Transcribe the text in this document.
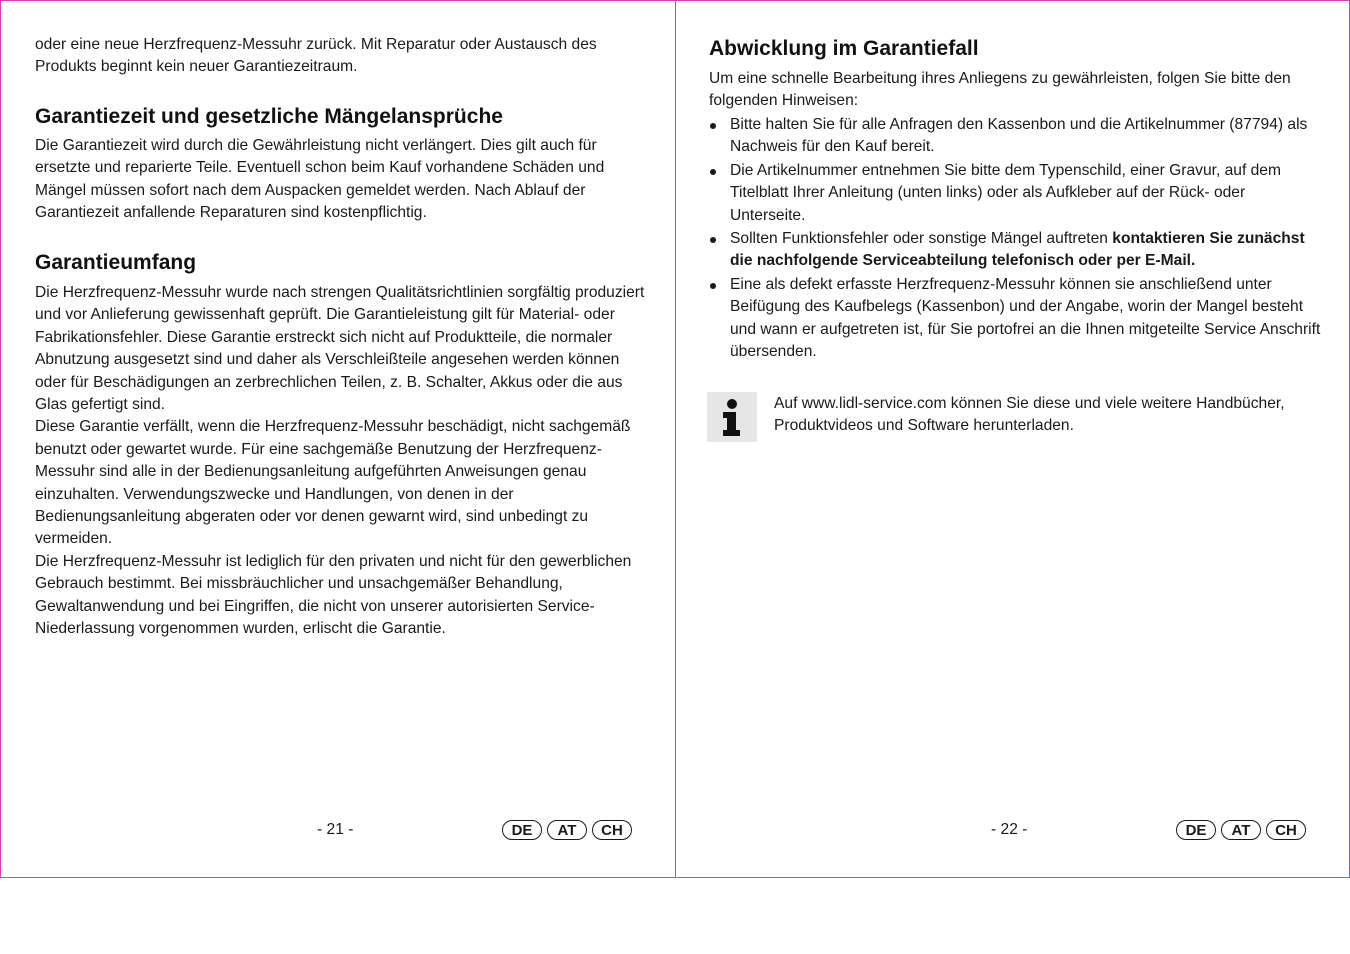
oder eine neue Herzfrequenz-Messuhr zurück. Mit Reparatur oder Austausch des Produkts beginnt kein neuer Garantiezeitraum.

Garantiezeit und gesetzliche Mängelansprüche

Die Garantiezeit wird durch die Gewährleistung nicht verlängert. Dies gilt auch für ersetzte und reparierte Teile. Eventuell schon beim Kauf vorhandene Schäden und Mängel müssen sofort nach dem Auspacken gemeldet werden. Nach Ablauf der Garantiezeit anfallende Reparaturen sind kostenpflichtig.

Garantieumfang

Die Herzfrequenz-Messuhr wurde nach strengen Qualitätsrichtlinien sorgfältig produziert und vor Anlieferung gewissenhaft geprüft. Die Garantieleistung gilt für Material- oder Fabrikationsfehler. Diese Garantie erstreckt sich nicht auf Produktteile, die normaler Abnutzung ausgesetzt sind und daher als Verschleißteile angesehen werden können oder für Beschädigungen an zerbrechlichen Teilen, z. B. Schalter, Akkus oder die aus Glas gefertigt sind.

Diese Garantie verfällt, wenn die Herzfrequenz-Messuhr beschädigt, nicht sachgemäß benutzt oder gewartet wurde. Für eine sachgemäße Benutzung der Herzfrequenz-Messuhr sind alle in der Bedienungsanleitung aufgeführten Anweisungen genau einzuhalten. Verwendungszwecke und Handlungen, von denen in der Bedienungsanleitung abgeraten oder vor denen gewarnt wird, sind unbedingt zu vermeiden.

Die Herzfrequenz-Messuhr ist lediglich für den privaten und nicht für den gewerblichen Gebrauch bestimmt. Bei missbräuchlicher und unsachgemäßer Behandlung, Gewaltanwendung und bei Eingriffen, die nicht von unserer autorisierten Service-Niederlassung vorgenommen wurden, erlischt die Garantie.

- 21 -	DE	AT	CH
Abwicklung im Garantiefall

Um eine schnelle Bearbeitung ihres Anliegens zu gewährleisten, folgen Sie bitte den folgenden Hinweisen:

Bitte halten Sie für alle Anfragen den Kassenbon und die Artikelnummer (87794) als Nachweis für den Kauf bereit.
Die Artikelnummer entnehmen Sie bitte dem Typenschild, einer Gravur, auf dem Titelblatt Ihrer Anleitung (unten links) oder als Aufkleber auf der Rück- oder Unterseite.
Sollten Funktionsfehler oder sonstige Mängel auftreten kontaktieren Sie zunächst die nachfolgende Serviceabteilung telefonisch oder per E-Mail.
Eine als defekt erfasste Herzfrequenz-Messuhr können sie anschließend unter Beifügung des Kaufbelegs (Kassenbon) und der Angabe, worin der Mangel besteht und wann er aufgetreten ist, für Sie portofrei an die Ihnen mitgeteilte Service Anschrift übersenden.

Auf www.lidl-service.com können Sie diese und viele weitere Handbücher, Produktvideos und Software herunterladen.

- 22 -	DE	AT	CH
